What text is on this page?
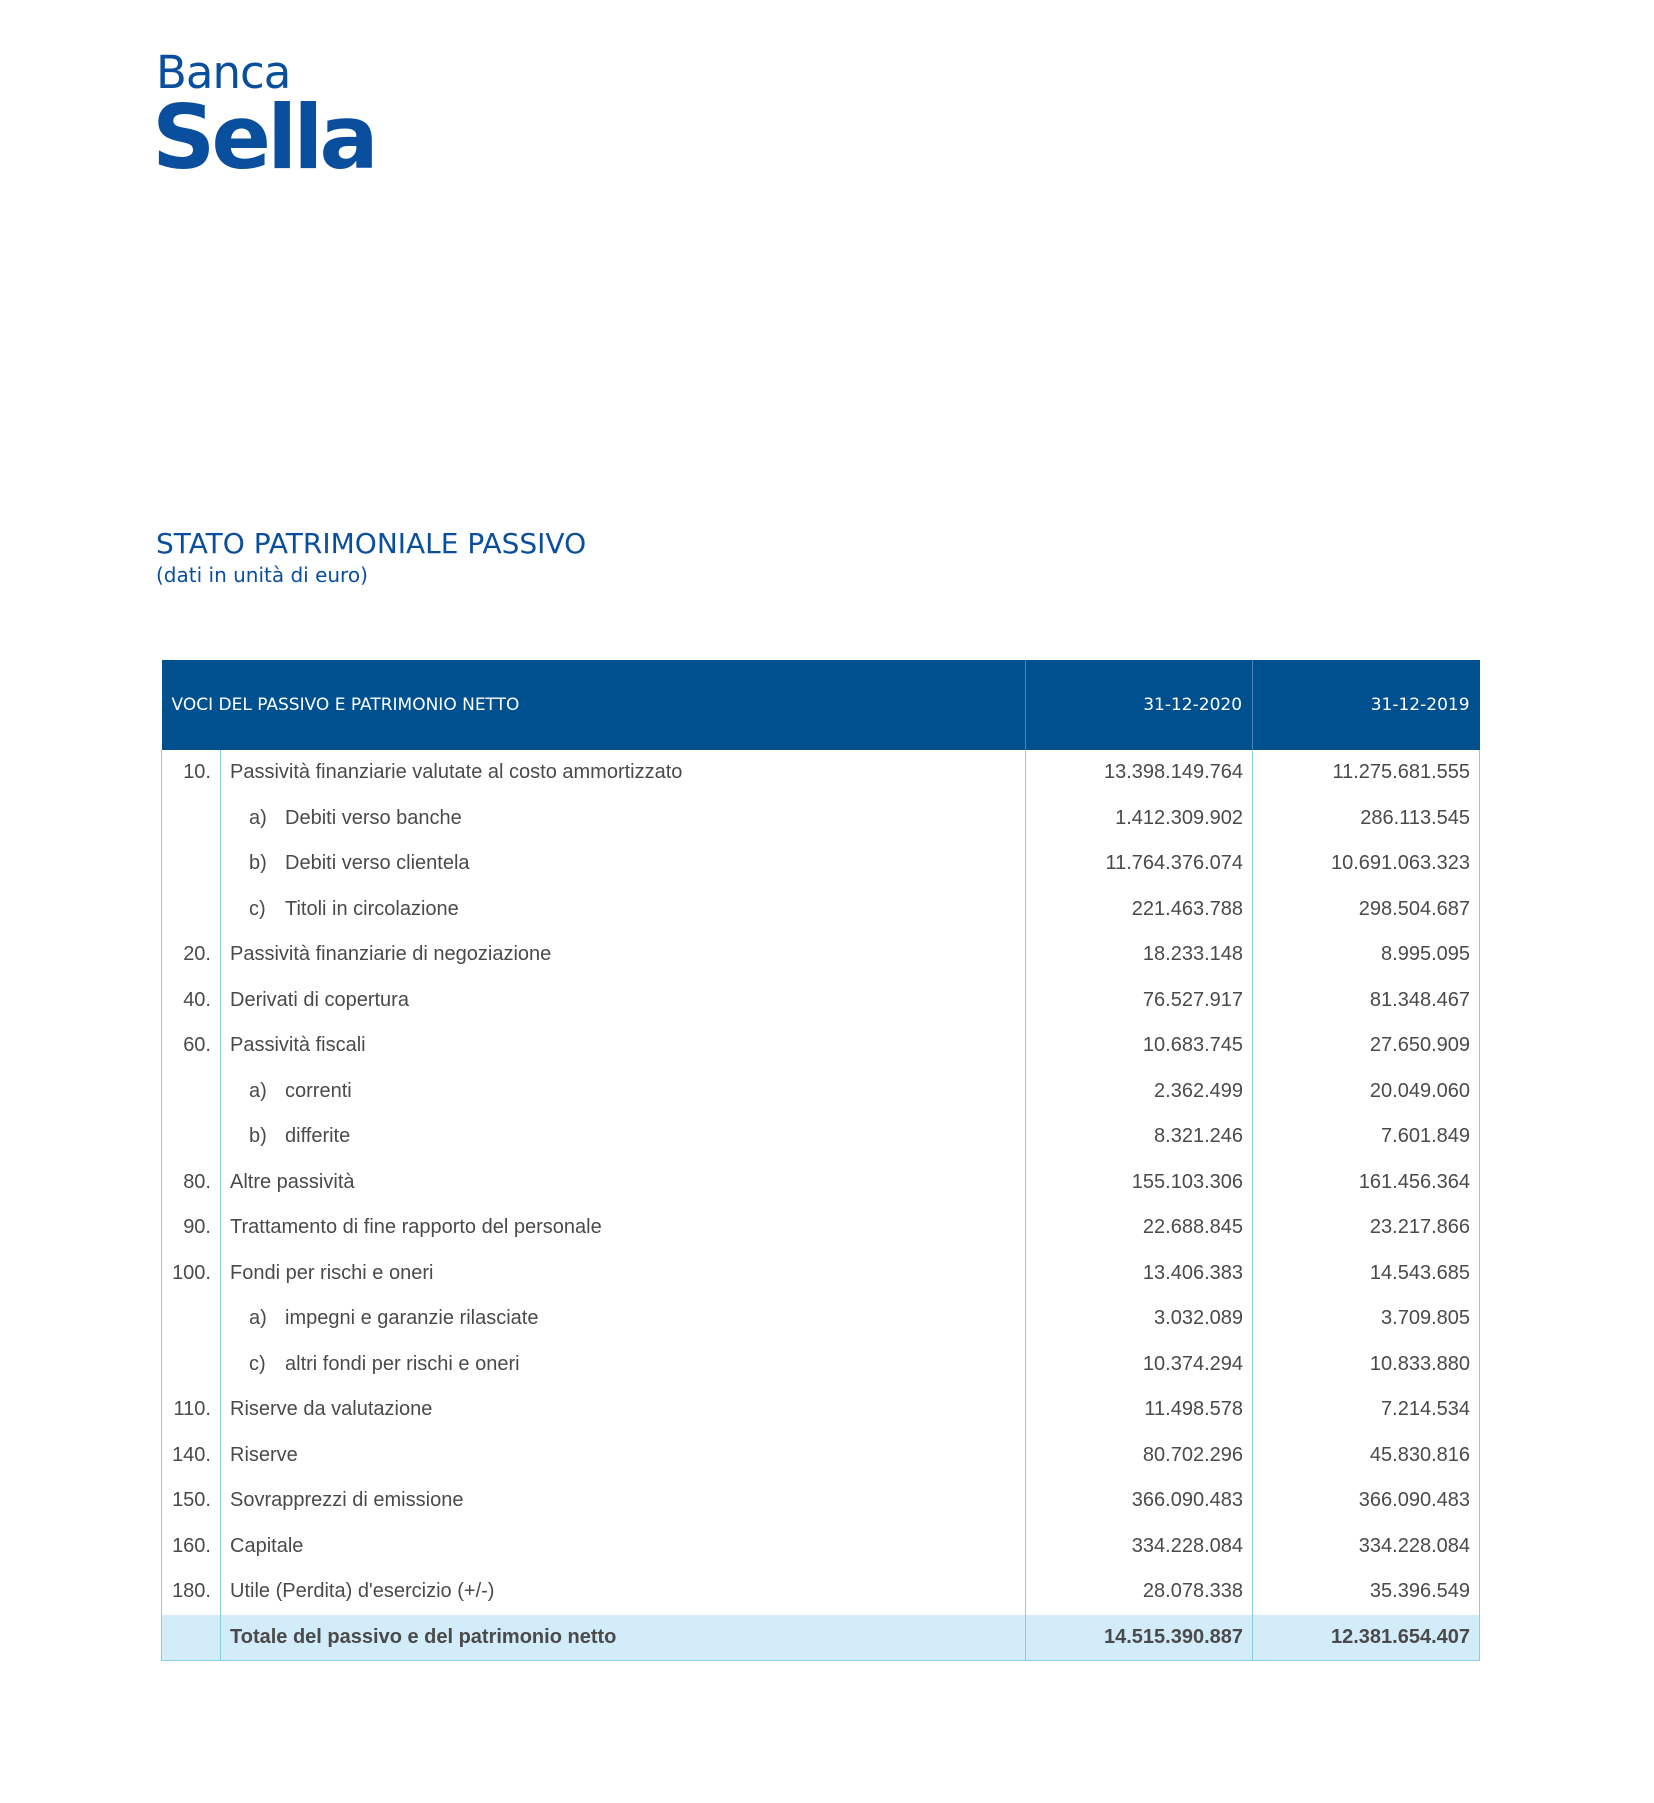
Banca
Sella
STATO PATRIMONIALE PASSIVO
(dati in unità di euro)
VOCI DEL PASSIVO E PATRIMONIO NETTO		31-12-2020	31-12-2019
10.	Passività finanziarie valutate al costo ammortizzato	13.398.149.764	11.275.681.555
	a) Debiti verso banche	1.412.309.902	286.113.545
	b) Debiti verso clientela	11.764.376.074	10.691.063.323
	c) Titoli in circolazione	221.463.788	298.504.687
20.	Passività finanziarie di negoziazione	18.233.148	8.995.095
40.	Derivati di copertura	76.527.917	81.348.467
60.	Passività fiscali	10.683.745	27.650.909
	a) correnti	2.362.499	20.049.060
	b) differite	8.321.246	7.601.849
80.	Altre passività	155.103.306	161.456.364
90.	Trattamento di fine rapporto del personale	22.688.845	23.217.866
100.	Fondi per rischi e oneri	13.406.383	14.543.685
	a) impegni e garanzie rilasciate	3.032.089	3.709.805
	c) altri fondi per rischi e oneri	10.374.294	10.833.880
110.	Riserve da valutazione	11.498.578	7.214.534
140.	Riserve	80.702.296	45.830.816
150.	Sovrapprezzi di emissione	366.090.483	366.090.483
160.	Capitale	334.228.084	334.228.084
180.	Utile (Perdita) d'esercizio (+/-)	28.078.338	35.396.549
	Totale del passivo e del patrimonio netto	14.515.390.887	12.381.654.407
